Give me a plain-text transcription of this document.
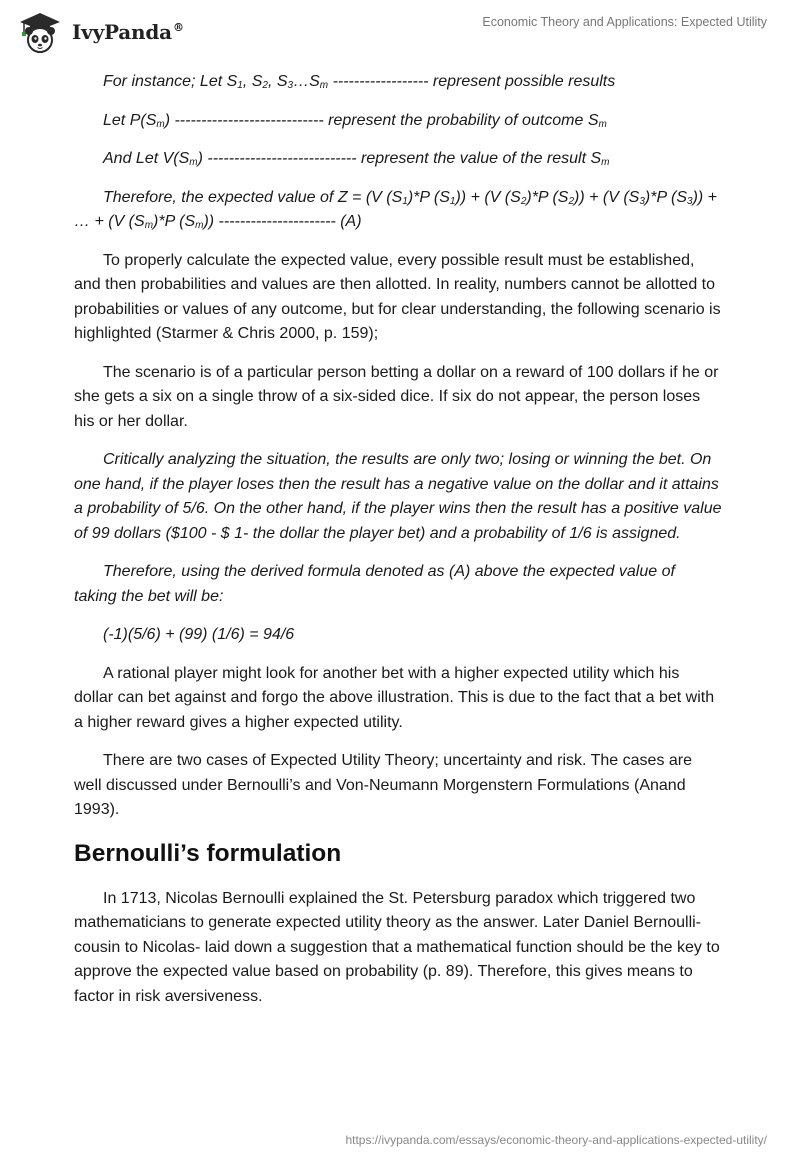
IvyPanda®	Economic Theory and Applications: Expected Utility

For instance; Let $S_1$, $S_2$, $S_3\dots S_m$ ------------------ represent possible results

Let $P(S_m)$ ---------------------------- represent the probability of outcome $S_m$

And Let $V(S_m)$ ---------------------------- represent the value of the result $S_m$

Therefore, the expected value of Z = (V $(S_1)*P$ $(S_1)) + (V$ $(S_2)*P$ $(S_2)) + (V$ $(S_3)*P$ $(S_3)$) + … + (V $(S_m)*P$ $(S_m)$) ---------------------- (A)

To properly calculate the expected value, every possible result must be established, and then probabilities and values are then allotted. In reality, numbers cannot be allotted to probabilities or values of any outcome, but for clear understanding, the following scenario is highlighted (Starmer & Chris 2000, p. 159);

The scenario is of a particular person betting a dollar on a reward of 100 dollars if he or she gets a six on a single throw of a six-sided dice. If six do not appear, the person loses his or her dollar.

Critically analyzing the situation, the results are only two; losing or winning the bet. On one hand, if the player loses then the result has a negative value on the dollar and it attains a probability of 5/6. On the other hand, if the player wins then the result has a positive value of 99 dollars ($100 - $ 1- the dollar the player bet) and a probability of 1/6 is assigned.

Therefore, using the derived formula denoted as (A) above the expected value of taking the bet will be:

(-1)(5/6) + (99) (1/6) = 94/6

A rational player might look for another bet with a higher expected utility which his dollar can bet against and forgo the above illustration. This is due to the fact that a bet with a higher reward gives a higher expected utility.

There are two cases of Expected Utility Theory; uncertainty and risk. The cases are well discussed under Bernoulli’s and Von-Neumann Morgenstern Formulations (Anand 1993).

Bernoulli’s formulation

In 1713, Nicolas Bernoulli explained the St. Petersburg paradox which triggered two mathematicians to generate expected utility theory as the answer. Later Daniel Bernoulli- cousin to Nicolas- laid down a suggestion that a mathematical function should be the key to approve the expected value based on probability (p. 89). Therefore, this gives means to factor in risk aversiveness.

https://ivypanda.com/essays/economic-theory-and-applications-expected-utility/
